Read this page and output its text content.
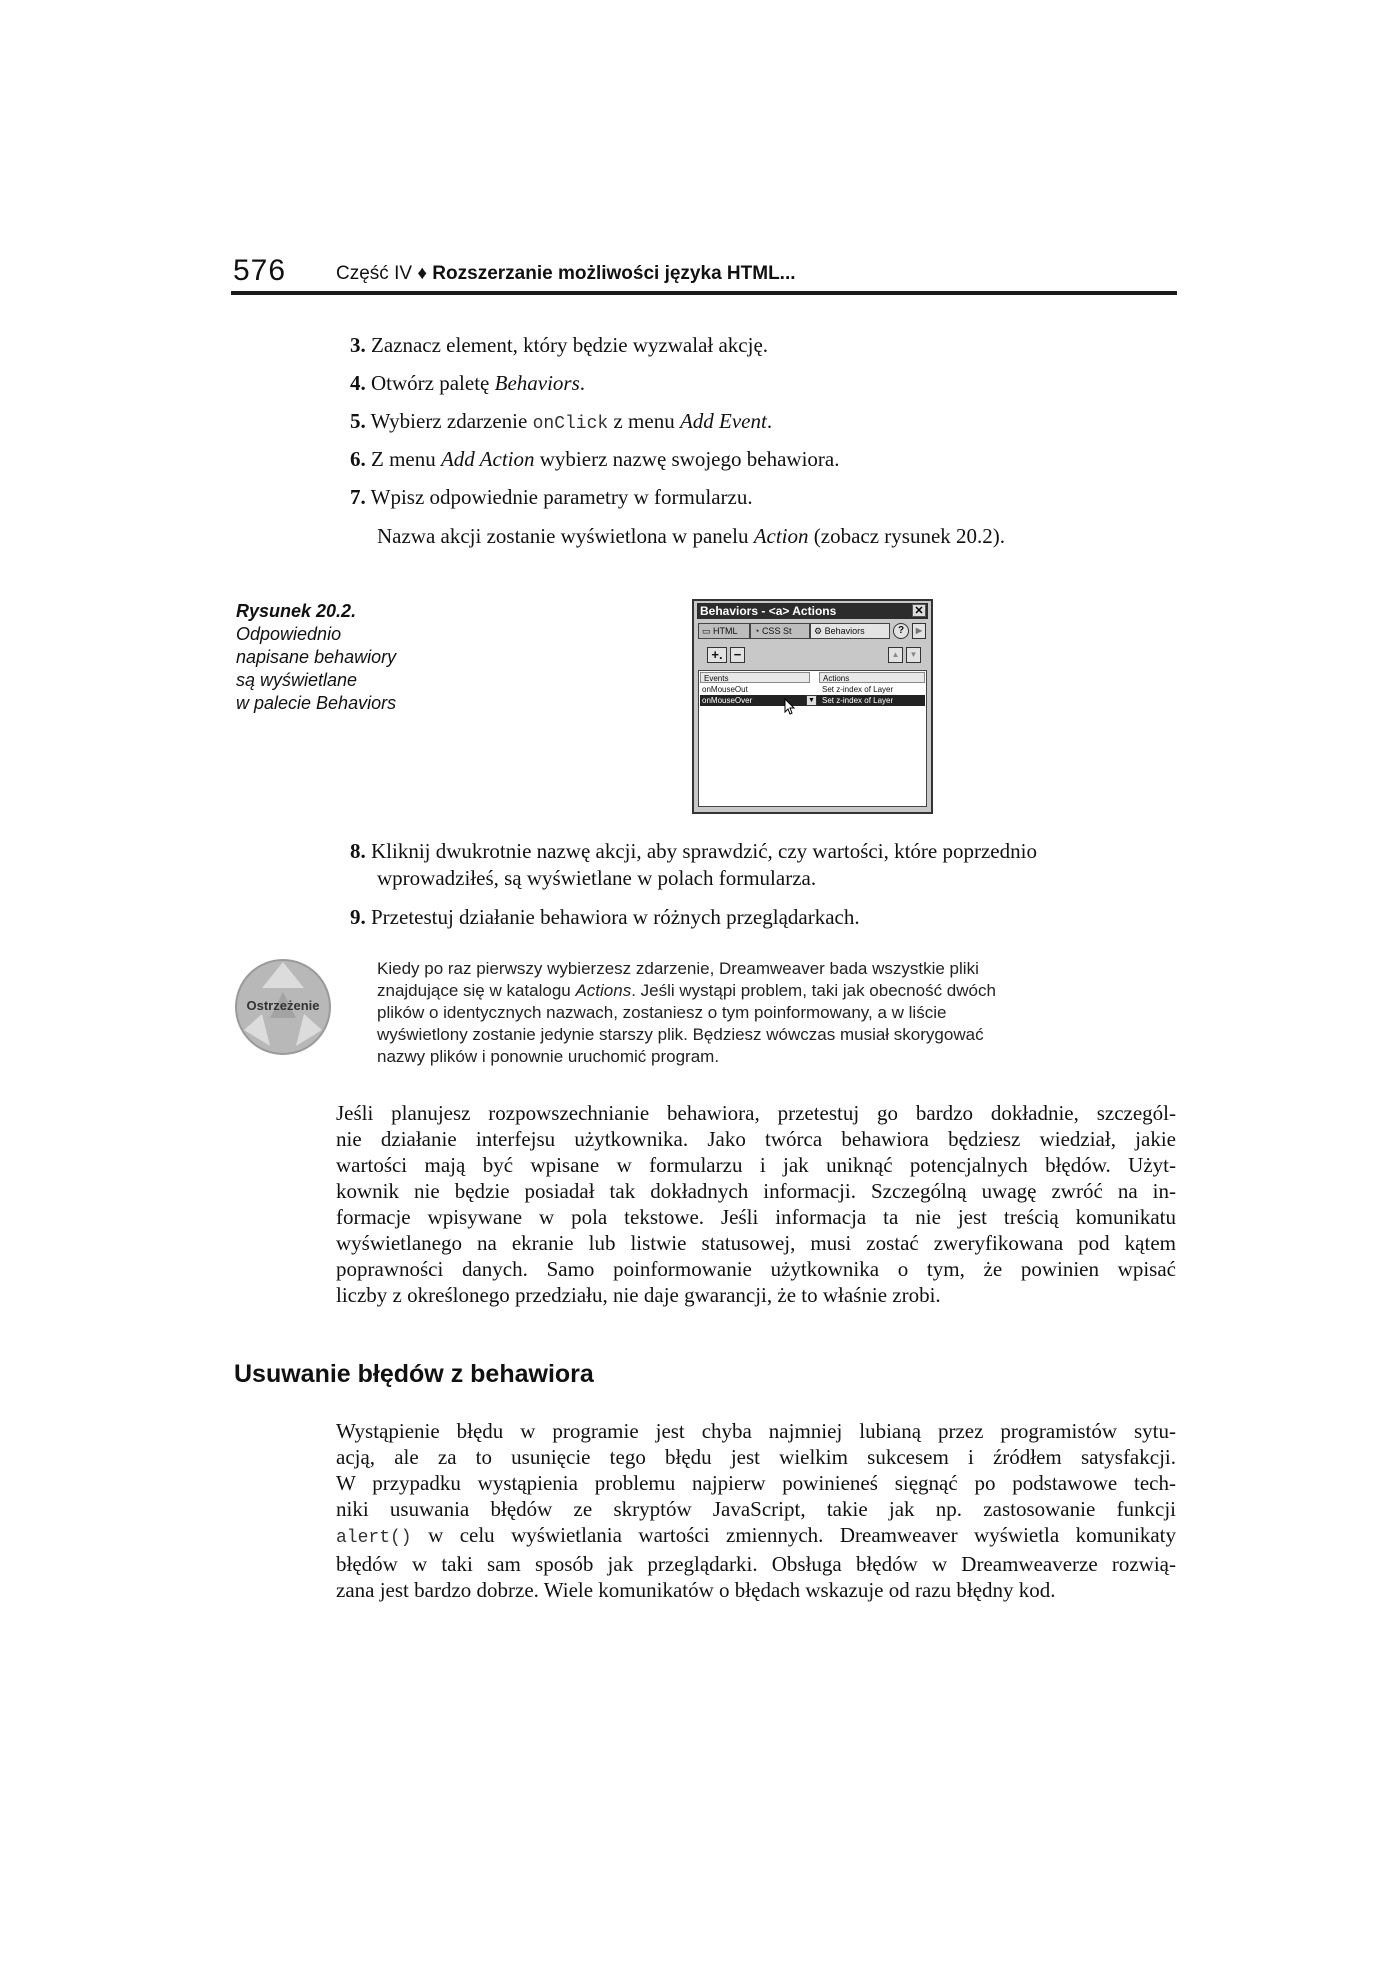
576	Część IV ♦ Rozszerzanie możliwości języka HTML...
3. Zaznacz element, który będzie wyzwalał akcję.
4. Otwórz paletę Behaviors.
5. Wybierz zdarzenie onClick z menu Add Event.
6. Z menu Add Action wybierz nazwę swojego behawiora.
7. Wpisz odpowiednie parametry w formularzu.
Nazwa akcji zostanie wyświetlona w panelu Action (zobacz rysunek 20.2).
Rysunek 20.2.
Odpowiednio
napisane behawiory
są wyświetlane
w palecie Behaviors
Behaviors - <a> Actions	✕
▭ HTML	◔ CSS St	⚙ Behaviors	?	▶
+. −	▲	▼
Events	Actions
onMouseOut	Set z-index of Layer
onMouseOver	▼ Set z-index of Layer
8. Kliknij dwukrotnie nazwę akcji, aby sprawdzić, czy wartości, które poprzednio
wprowadziłeś, są wyświetlane w polach formularza.
9. Przetestuj działanie behawiora w różnych przeglądarkach.
Ostrzeżenie
Kiedy po raz pierwszy wybierzesz zdarzenie, Dreamweaver bada wszystkie pliki
znajdujące się w katalogu Actions. Jeśli wystąpi problem, taki jak obecność dwóch
plików o identycznych nazwach, zostaniesz o tym poinformowany, a w liście
wyświetlony zostanie jedynie starszy plik. Będziesz wówczas musiał skorygować
nazwy plików i ponownie uruchomić program.
Jeśli planujesz rozpowszechnianie behawiora, przetestuj go bardzo dokładnie, szczegól-
nie działanie interfejsu użytkownika. Jako twórca behawiora będziesz wiedział, jakie
wartości mają być wpisane w formularzu i jak uniknąć potencjalnych błędów. Użyt-
kownik nie będzie posiadał tak dokładnych informacji. Szczególną uwagę zwróć na in-
formacje wpisywane w pola tekstowe. Jeśli informacja ta nie jest treścią komunikatu
wyświetlanego na ekranie lub listwie statusowej, musi zostać zweryfikowana pod kątem
poprawności danych. Samo poinformowanie użytkownika o tym, że powinien wpisać
liczby z określonego przedziału, nie daje gwarancji, że to właśnie zrobi.
Usuwanie błędów z behawiora
Wystąpienie błędu w programie jest chyba najmniej lubianą przez programistów sytu-
acją, ale za to usunięcie tego błędu jest wielkim sukcesem i źródłem satysfakcji.
W przypadku wystąpienia problemu najpierw powinieneś sięgnąć po podstawowe tech-
niki usuwania błędów ze skryptów JavaScript, takie jak np. zastosowanie funkcji
alert() w celu wyświetlania wartości zmiennych. Dreamweaver wyświetla komunikaty
błędów w taki sam sposób jak przeglądarki. Obsługa błędów w Dreamweaverze rozwią-
zana jest bardzo dobrze. Wiele komunikatów o błędach wskazuje od razu błędny kod.
